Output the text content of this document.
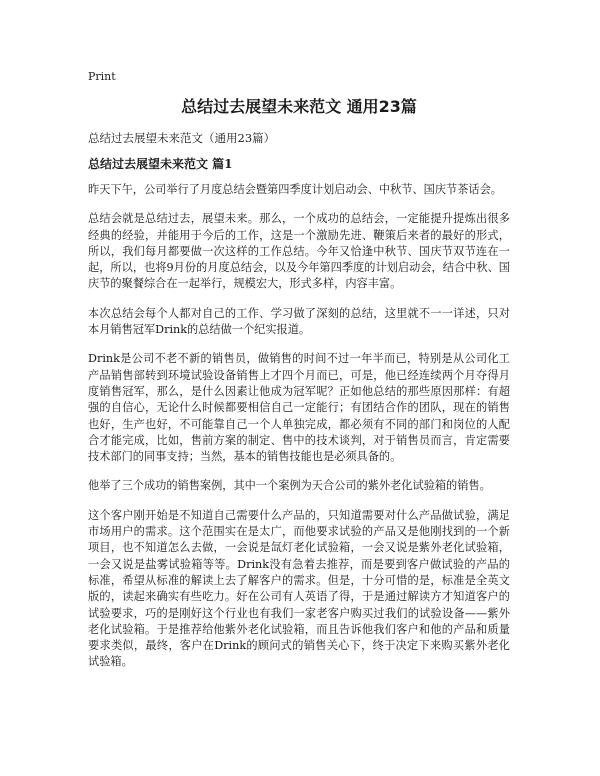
Print
总结过去展望未来范文 通用23篇
总结过去展望未来范文（通用23篇）
总结过去展望未来范文 篇1

昨天下午，公司举行了月度总结会暨第四季度计划启动会、中秋节、国庆节茶话会。

总结会就是总结过去，展望未来。那么，一个成功的总结会，一定能提升提炼出很多经典的经验，并能用于今后的工作，这是一个激励先进、鞭策后来者的最好的形式，所以，我们每月都要做一次这样的工作总结。今年又恰逢中秋节、国庆节双节连在一起，所以，也将9月份的月度总结会，以及今年第四季度的计划启动会，结合中秋、国庆节的聚餐综合在一起举行，规模宏大，形式多样，内容丰富。

本次总结会每个人都对自己的工作、学习做了深刻的总结，这里就不一一详述，只对本月销售冠军Drink的总结做一个纪实报道。

Drink是公司不老不新的销售员，做销售的时间不过一年半而已，特别是从公司化工产品销售部转到环境试验设备销售上才四个月而已，可是，他已经连续两个月夺得月度销售冠军，那么，是什么因素让他成为冠军呢？正如他总结的那些原因那样：有超强的自信心，无论什么时候都要相信自己一定能行；有团结合作的团队，现在的销售也好，生产也好，不可能靠自己一个人单独完成，都必须有不同的部门和岗位的人配合才能完成，比如，售前方案的制定、售中的技术谈判，对于销售员而言，肯定需要技术部门的同事支持；当然，基本的销售技能也是必须具备的。

他举了三个成功的销售案例，其中一个案例为天合公司的紫外老化试验箱的销售。

这个客户刚开始是不知道自己需要什么产品的，只知道需要对什么产品做试验，满足市场用户的需求。这个范围实在是太广，而他要求试验的产品又是他刚找到的一个新项目，也不知道怎么去做，一会说是氙灯老化试验箱，一会又说是紫外老化试验箱，一会又说是盐雾试验箱等等。Drink没有急着去推荐，而是要到客户做试验的产品的标准，希望从标准的解读上去了解客户的需求。但是，十分可惜的是，标准是全英文版的，读起来确实有些吃力。好在公司有人英语了得，于是通过解读方才知道客户的试验要求，巧的是刚好这个行业也有我们一家老客户购买过我们的试验设备——紫外老化试验箱。于是推荐给他紫外老化试验箱，而且告诉他我们客户和他的产品和质量要求类似，最终，客户在Drink的顾问式的销售关心下，终于决定下来购买紫外老化试验箱。
